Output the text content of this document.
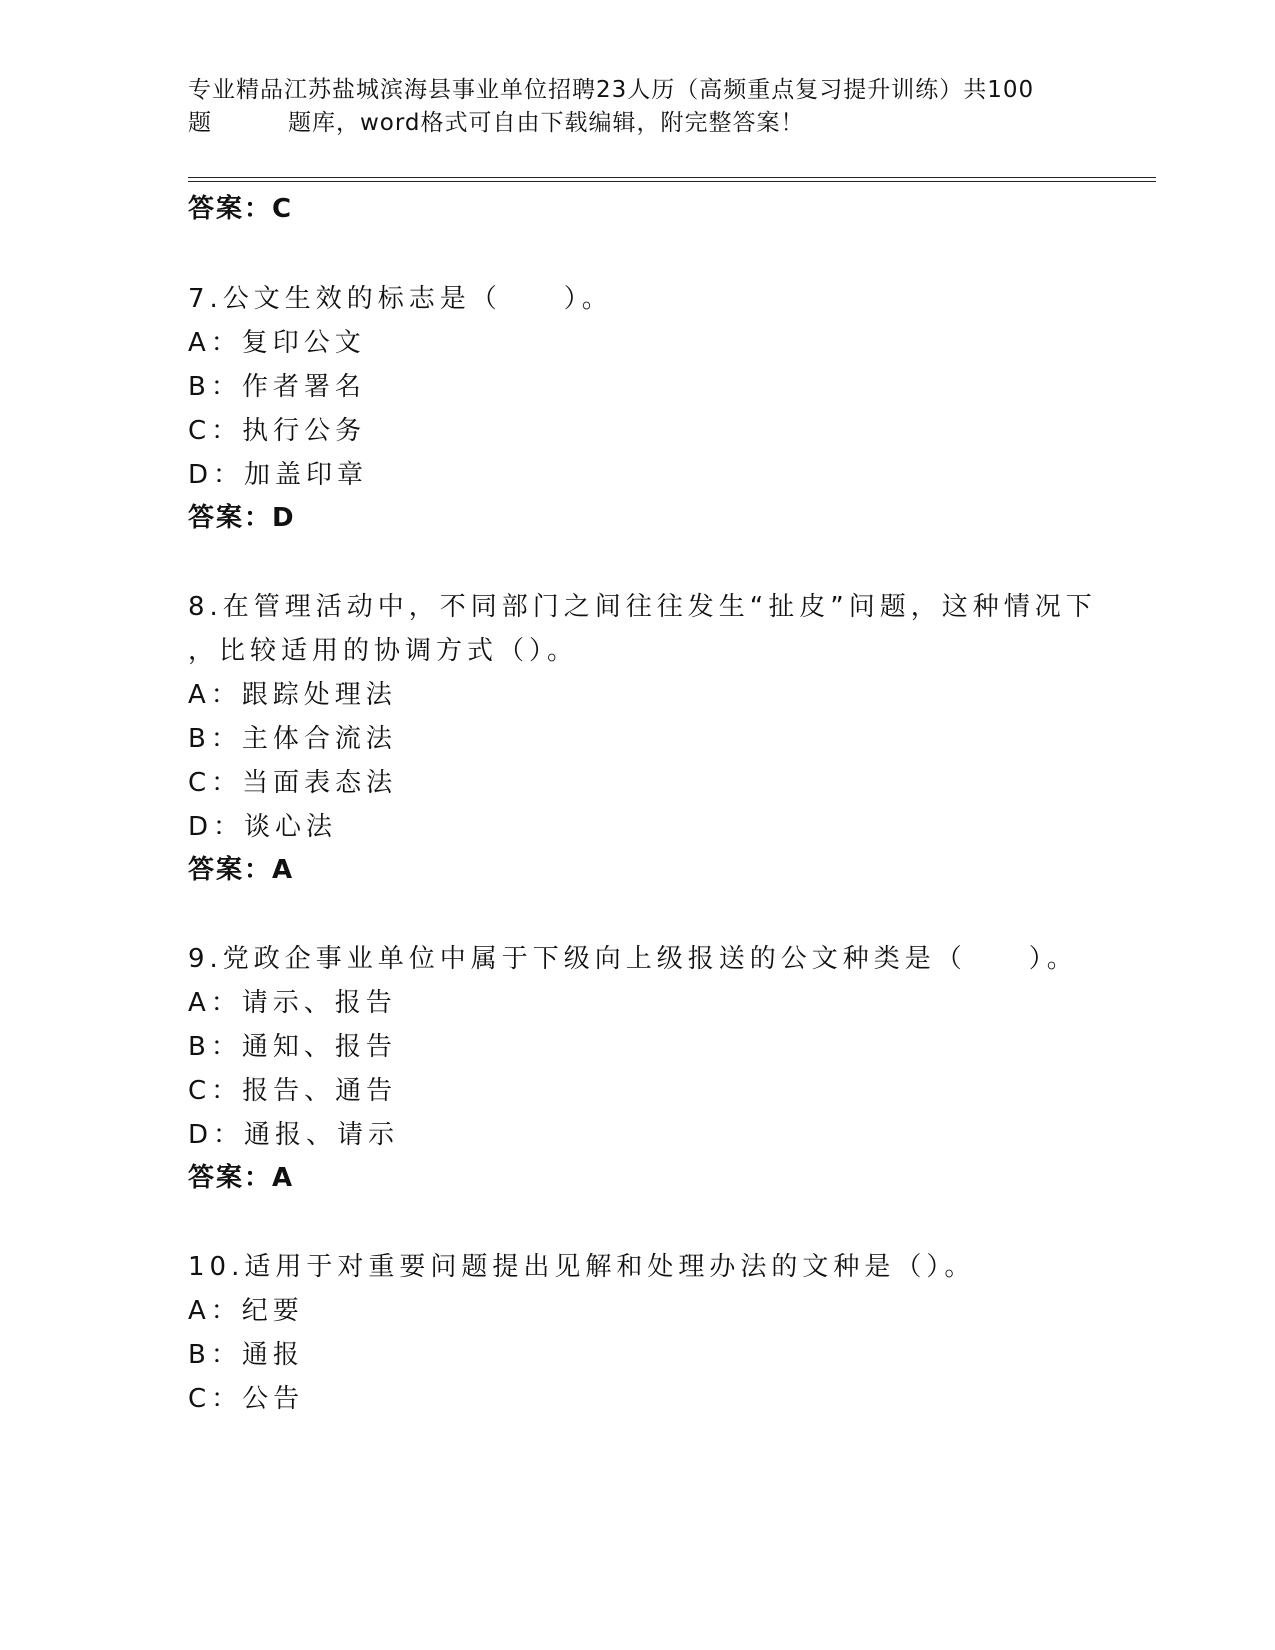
专业精品江苏盐城滨海县事业单位招聘23人历（高频重点复习提升训练）共100
题	题库，word格式可自由下载编辑，附完整答案！
答案：C
7.公文生效的标志是（　　）。
A：复印公文
B：作者署名
C：执行公务
D：加盖印章
答案：D
8.在管理活动中，不同部门之间往往发生“扯皮”问题，这种情况下
，比较适用的协调方式（）。
A：跟踪处理法
B：主体合流法
C：当面表态法
D：谈心法
答案：A
9.党政企事业单位中属于下级向上级报送的公文种类是（　　）。
A：请示、报告
B：通知、报告
C：报告、通告
D：通报、请示
答案：A
10.适用于对重要问题提出见解和处理办法的文种是（）。
A：纪要
B：通报
C：公告
